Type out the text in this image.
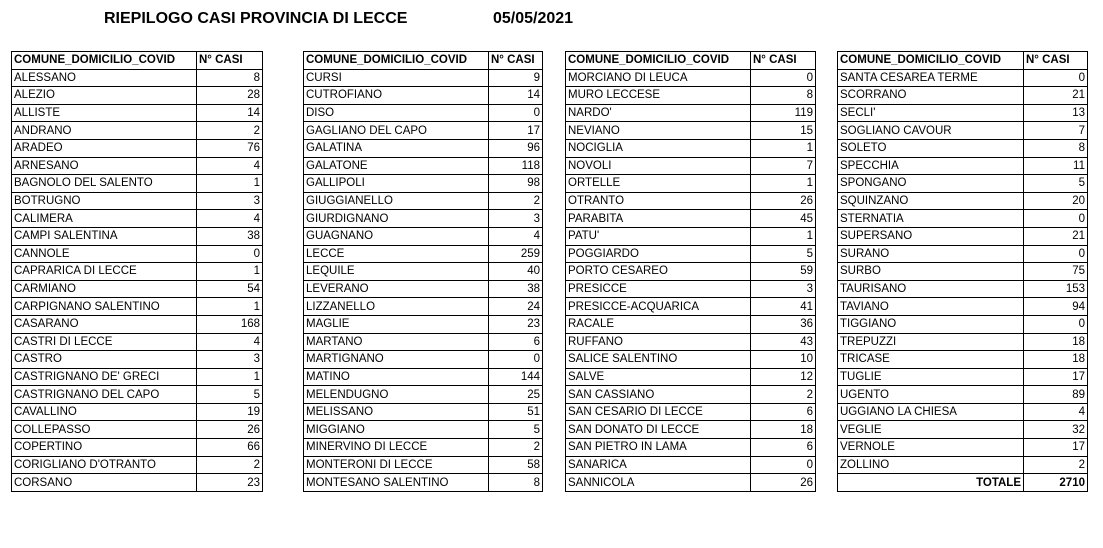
RIEPILOGO CASI PROVINCIA DI LECCE	05/05/2021
COMUNE_DOMICILIO_COVID	N° CASI
ALESSANO	8
ALEZIO	28
ALLISTE	14
ANDRANO	2
ARADEO	76
ARNESANO	4
BAGNOLO DEL SALENTO	1
BOTRUGNO	3
CALIMERA	4
CAMPI SALENTINA	38
CANNOLE	0
CAPRARICA DI LECCE	1
CARMIANO	54
CARPIGNANO SALENTINO	1
CASARANO	168
CASTRI DI LECCE	4
CASTRO	3
CASTRIGNANO DE' GRECI	1
CASTRIGNANO DEL CAPO	5
CAVALLINO	19
COLLEPASSO	26
COPERTINO	66
CORIGLIANO D'OTRANTO	2
CORSANO	23
COMUNE_DOMICILIO_COVID	N° CASI
CURSI	9
CUTROFIANO	14
DISO	0
GAGLIANO DEL CAPO	17
GALATINA	96
GALATONE	118
GALLIPOLI	98
GIUGGIANELLO	2
GIURDIGNANO	3
GUAGNANO	4
LECCE	259
LEQUILE	40
LEVERANO	38
LIZZANELLO	24
MAGLIE	23
MARTANO	6
MARTIGNANO	0
MATINO	144
MELENDUGNO	25
MELISSANO	51
MIGGIANO	5
MINERVINO DI LECCE	2
MONTERONI DI LECCE	58
MONTESANO SALENTINO	8
COMUNE_DOMICILIO_COVID	N° CASI
MORCIANO DI LEUCA	0
MURO LECCESE	8
NARDO'	119
NEVIANO	15
NOCIGLIA	1
NOVOLI	7
ORTELLE	1
OTRANTO	26
PARABITA	45
PATU'	1
POGGIARDO	5
PORTO CESAREO	59
PRESICCE	3
PRESICCE-ACQUARICA	41
RACALE	36
RUFFANO	43
SALICE SALENTINO	10
SALVE	12
SAN CASSIANO	2
SAN CESARIO DI LECCE	6
SAN DONATO DI LECCE	18
SAN PIETRO IN LAMA	6
SANARICA	0
SANNICOLA	26
COMUNE_DOMICILIO_COVID	N° CASI
SANTA CESAREA TERME	0
SCORRANO	21
SECLI'	13
SOGLIANO CAVOUR	7
SOLETO	8
SPECCHIA	11
SPONGANO	5
SQUINZANO	20
STERNATIA	0
SUPERSANO	21
SURANO	0
SURBO	75
TAURISANO	153
TAVIANO	94
TIGGIANO	0
TREPUZZI	18
TRICASE	18
TUGLIE	17
UGENTO	89
UGGIANO LA CHIESA	4
VEGLIE	32
VERNOLE	17
ZOLLINO	2
TOTALE	2710
